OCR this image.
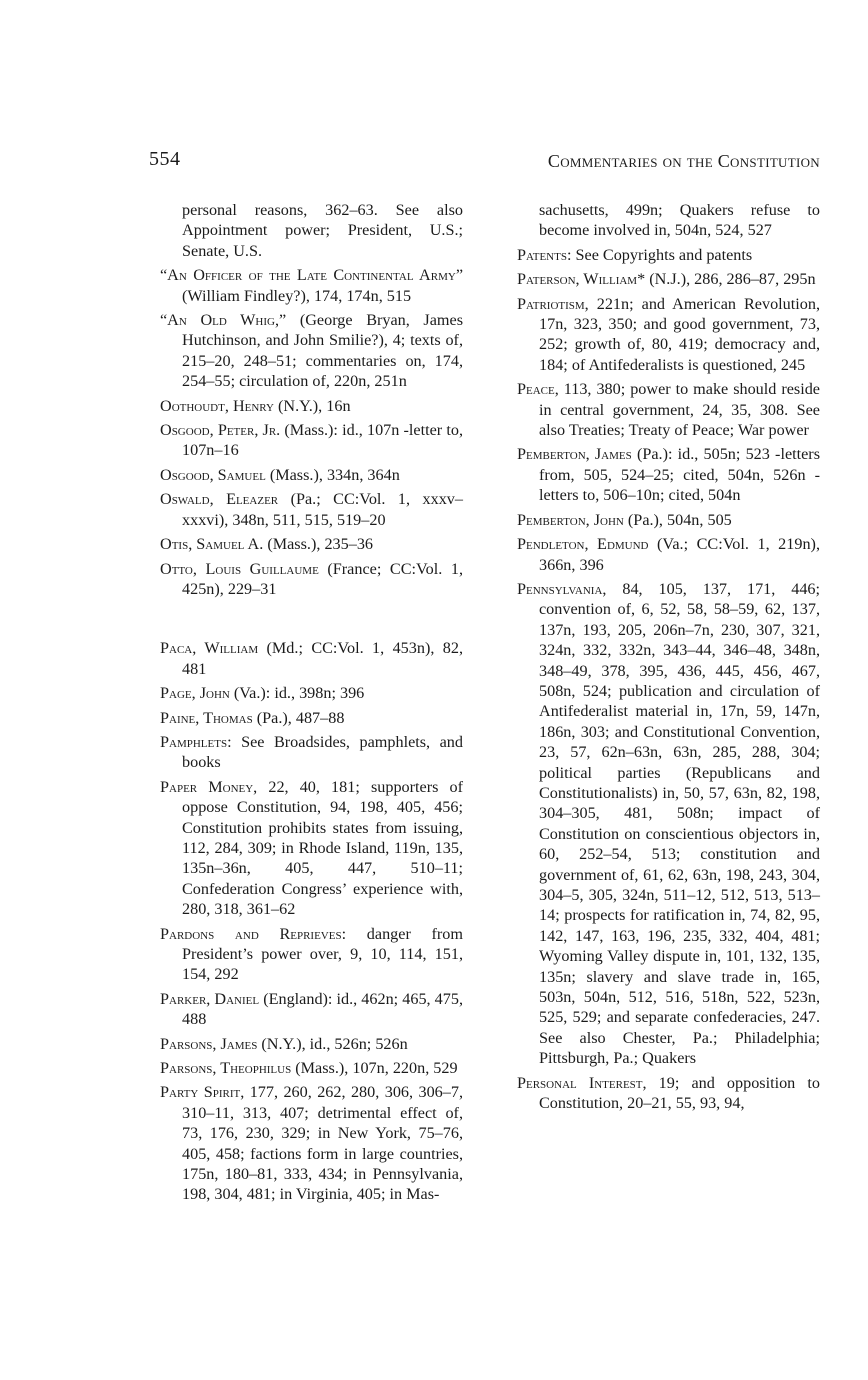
554	Commentaries on the Constitution

personal reasons, 362–63. See also Appointment power; President, U.S.; Senate, U.S.

“An Officer of the Late Continental Army” (William Findley?), 174, 174n, 515

“An Old Whig,” (George Bryan, James Hutchinson, and John Smilie?), 4; texts of, 215–20, 248–51; commentaries on, 174, 254–55; circulation of, 220n, 251n

Oothoudt, Henry (N.Y.), 16n

Osgood, Peter, Jr. (Mass.): id., 107n -letter to, 107n–16

Osgood, Samuel (Mass.), 334n, 364n

Oswald, Eleazer (Pa.; CC:Vol. 1, xxxv–xxxvi), 348n, 511, 515, 519–20

Otis, Samuel A. (Mass.), 235–36

Otto, Louis Guillaume (France; CC:Vol. 1, 425n), 229–31

Paca, William (Md.; CC:Vol. 1, 453n), 82, 481

Page, John (Va.): id., 398n; 396

Paine, Thomas (Pa.), 487–88

Pamphlets: See Broadsides, pamphlets, and books

Paper Money, 22, 40, 181; supporters of oppose Constitution, 94, 198, 405, 456; Constitution prohibits states from issuing, 112, 284, 309; in Rhode Island, 119n, 135, 135n–36n, 405, 447, 510–11; Confederation Congress’ experience with, 280, 318, 361–62

Pardons and Reprieves: danger from President’s power over, 9, 10, 114, 151, 154, 292

Parker, Daniel (England): id., 462n; 465, 475, 488

Parsons, James (N.Y.), id., 526n; 526n

Parsons, Theophilus (Mass.), 107n, 220n, 529

Party Spirit, 177, 260, 262, 280, 306, 306–7, 310–11, 313, 407; detrimental effect of, 73, 176, 230, 329; in New York, 75–76, 405, 458; factions form in large countries, 175n, 180–81, 333, 434; in Pennsylvania, 198, 304, 481; in Virginia, 405; in Mas-

sachusetts, 499n; Quakers refuse to become involved in, 504n, 524, 527

Patents: See Copyrights and patents

Paterson, William* (N.J.), 286, 286–87, 295n

Patriotism, 221n; and American Revolution, 17n, 323, 350; and good government, 73, 252; growth of, 80, 419; democracy and, 184; of Antifederalists is questioned, 245

Peace, 113, 380; power to make should reside in central government, 24, 35, 308. See also Treaties; Treaty of Peace; War power

Pemberton, James (Pa.): id., 505n; 523 -letters from, 505, 524–25; cited, 504n, 526n -letters to, 506–10n; cited, 504n

Pemberton, John (Pa.), 504n, 505

Pendleton, Edmund (Va.; CC:Vol. 1, 219n), 366n, 396

Pennsylvania, 84, 105, 137, 171, 446; convention of, 6, 52, 58, 58–59, 62, 137, 137n, 193, 205, 206n–7n, 230, 307, 321, 324n, 332, 332n, 343–44, 346–48, 348n, 348–49, 378, 395, 436, 445, 456, 467, 508n, 524; publication and circulation of Antifederalist material in, 17n, 59, 147n, 186n, 303; and Constitutional Convention, 23, 57, 62n–63n, 63n, 285, 288, 304; political parties (Republicans and Constitutionalists) in, 50, 57, 63n, 82, 198, 304–305, 481, 508n; impact of Constitution on conscientious objectors in, 60, 252–54, 513; constitution and government of, 61, 62, 63n, 198, 243, 304, 304–5, 305, 324n, 511–12, 512, 513, 513–14; prospects for ratification in, 74, 82, 95, 142, 147, 163, 196, 235, 332, 404, 481; Wyoming Valley dispute in, 101, 132, 135, 135n; slavery and slave trade in, 165, 503n, 504n, 512, 516, 518n, 522, 523n, 525, 529; and separate confederacies, 247. See also Chester, Pa.; Philadelphia; Pittsburgh, Pa.; Quakers

Personal Interest, 19; and opposition to Constitution, 20–21, 55, 93, 94,
